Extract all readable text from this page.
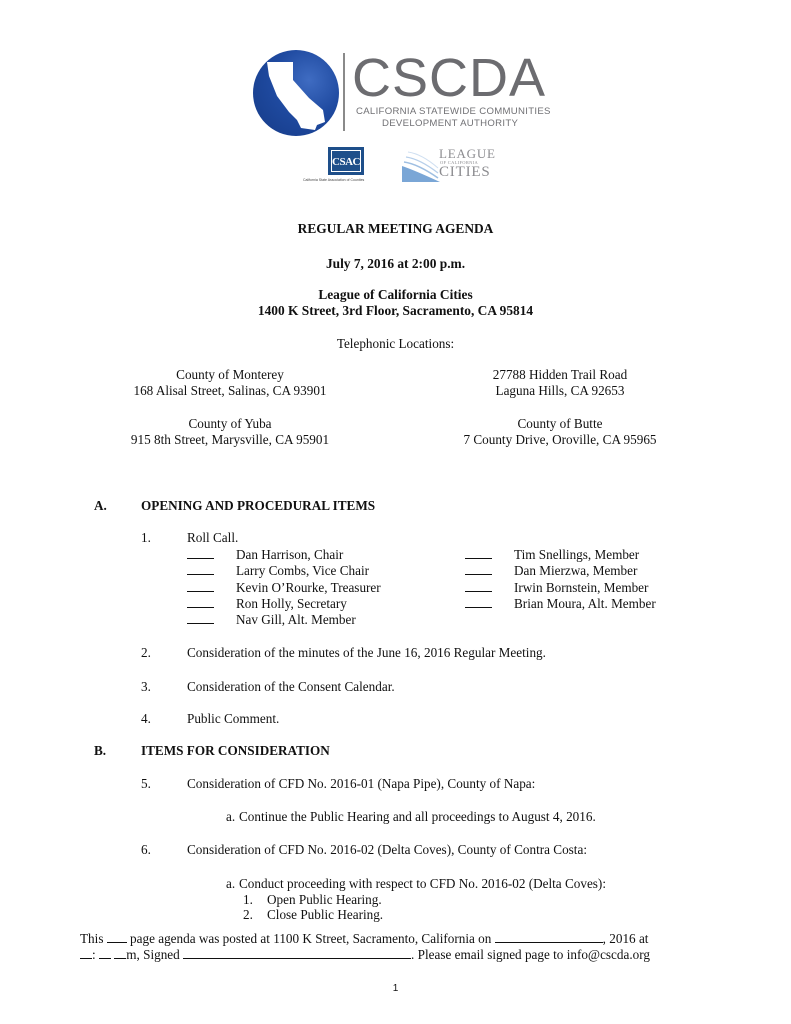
CSCDA
CALIFORNIA STATEWIDE COMMUNITIES
DEVELOPMENT AUTHORITY
CSAC
California State Association of Counties
LEAGUE
OF CALIFORNIA
CITIES
REGULAR MEETING AGENDA
July 7, 2016 at 2:00 p.m.
League of California Cities
1400 K Street, 3rd Floor, Sacramento, CA 95814
Telephonic Locations:
County of Monterey
168 Alisal Street, Salinas, CA 93901
27788 Hidden Trail Road
Laguna Hills, CA 92653
County of Yuba
915 8th Street, Marysville, CA 95901
County of Butte
7 County Drive, Oroville, CA 95965
A.	OPENING AND PROCEDURAL ITEMS
1.	Roll Call.
Dan Harrison, Chair
Larry Combs, Vice Chair
Kevin O’Rourke, Treasurer
Ron Holly, Secretary
Nav Gill, Alt. Member
Tim Snellings, Member
Dan Mierzwa, Member
Irwin Bornstein, Member
Brian Moura, Alt. Member
2.	Consideration of the minutes of the June 16, 2016 Regular Meeting.
3.	Consideration of the Consent Calendar.
4.	Public Comment.
B.	ITEMS FOR CONSIDERATION
5.	Consideration of CFD No. 2016-01 (Napa Pipe), County of Napa:
a. Continue the Public Hearing and all proceedings to August 4, 2016.
6.	Consideration of CFD No. 2016-02 (Delta Coves), County of Contra Costa:
a. Conduct proceeding with respect to CFD No. 2016-02 (Delta Coves):
1. Open Public Hearing.
2. Close Public Hearing.
This page agenda was posted at 1100 K Street, Sacramento, California on	, 2016 at
: m, Signed	. Please email signed page to info@cscda.org
1
